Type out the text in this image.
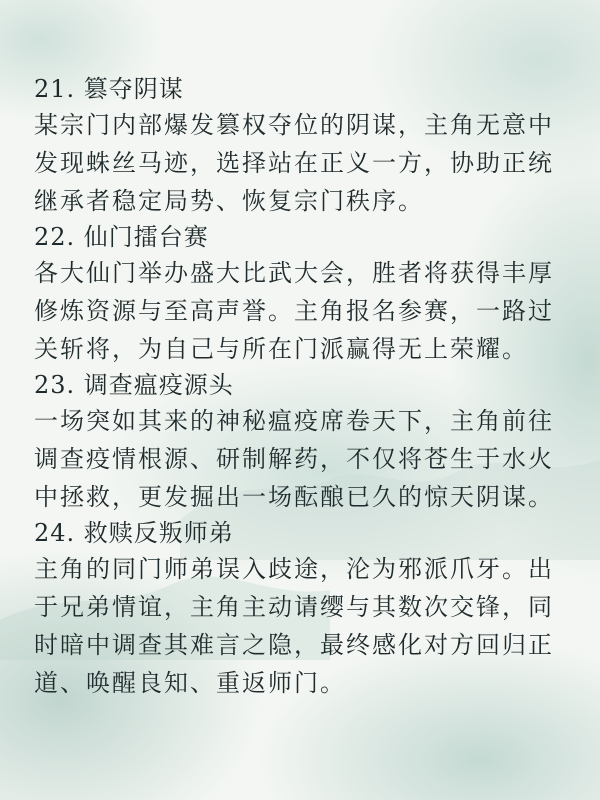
21. 篡夺阴谋
某宗门内部爆发篡权夺位的阴谋，主角无意中
发现蛛丝马迹，选择站在正义一方，协助正统
继承者稳定局势、恢复宗门秩序。
22. 仙门擂台赛
各大仙门举办盛大比武大会，胜者将获得丰厚
修炼资源与至高声誉。主角报名参赛，一路过
关斩将，为自己与所在门派赢得无上荣耀。
23. 调查瘟疫源头
一场突如其来的神秘瘟疫席卷天下，主角前往
调查疫情根源、研制解药，不仅将苍生于水火
中拯救，更发掘出一场酝酿已久的惊天阴谋。
24. 救赎反叛师弟
主角的同门师弟误入歧途，沦为邪派爪牙。出
于兄弟情谊，主角主动请缨与其数次交锋，同
时暗中调查其难言之隐，最终感化对方回归正
道、唤醒良知、重返师门。
